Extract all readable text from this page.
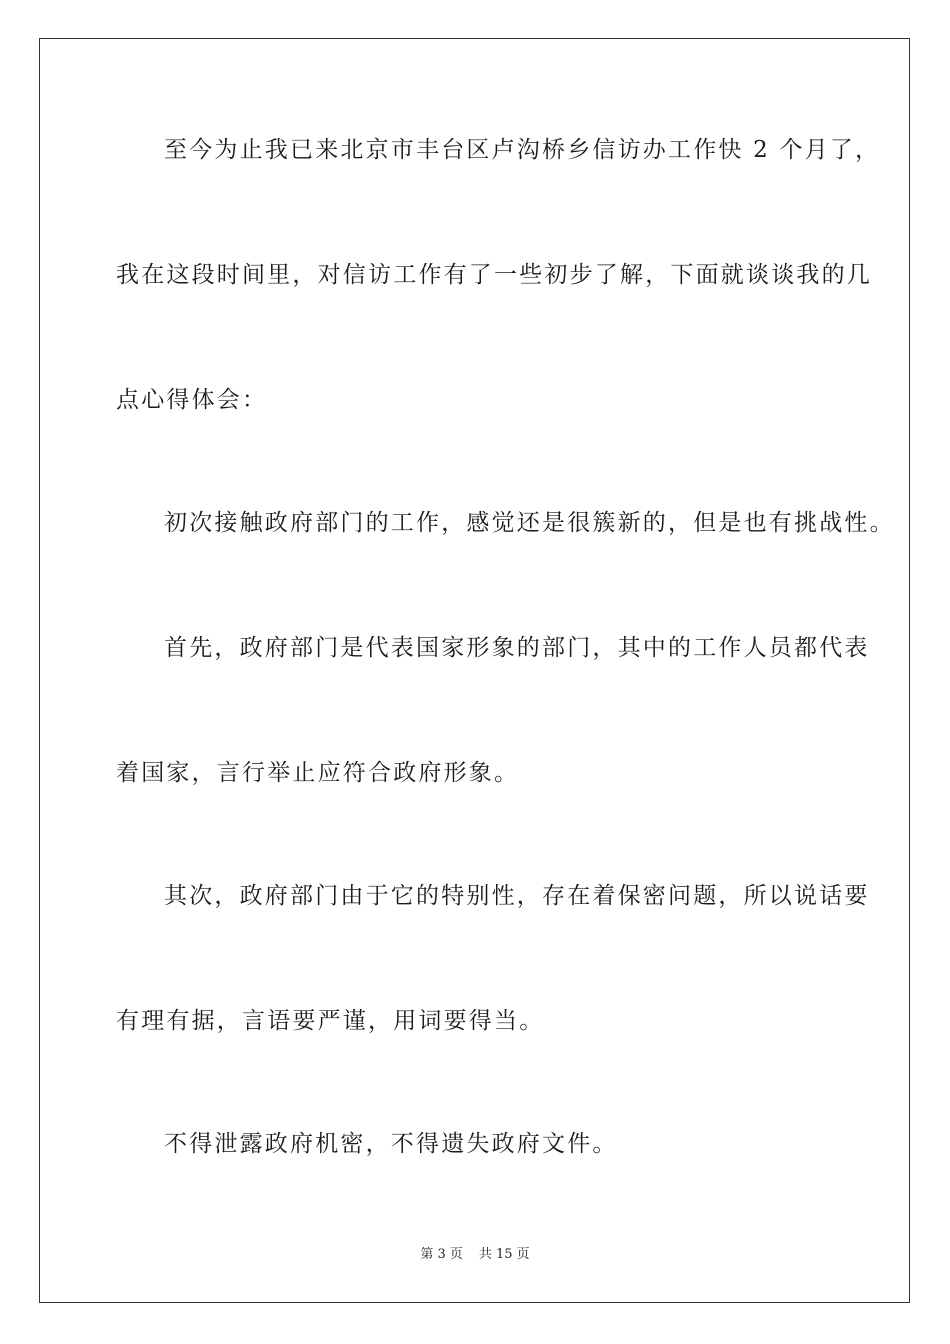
至今为止我已来北京市丰台区卢沟桥乡信访办工作快 2 个月了，
我在这段时间里，对信访工作有了一些初步了解，下面就谈谈我的几
点心得体会：
初次接触政府部门的工作，感觉还是很簇新的，但是也有挑战性。
首先，政府部门是代表国家形象的部门，其中的工作人员都代表
着国家，言行举止应符合政府形象。
其次，政府部门由于它的特别性，存在着保密问题，所以说话要
有理有据，言语要严谨，用词要得当。
不得泄露政府机密，不得遗失政府文件。
第 3 页 共 15 页
